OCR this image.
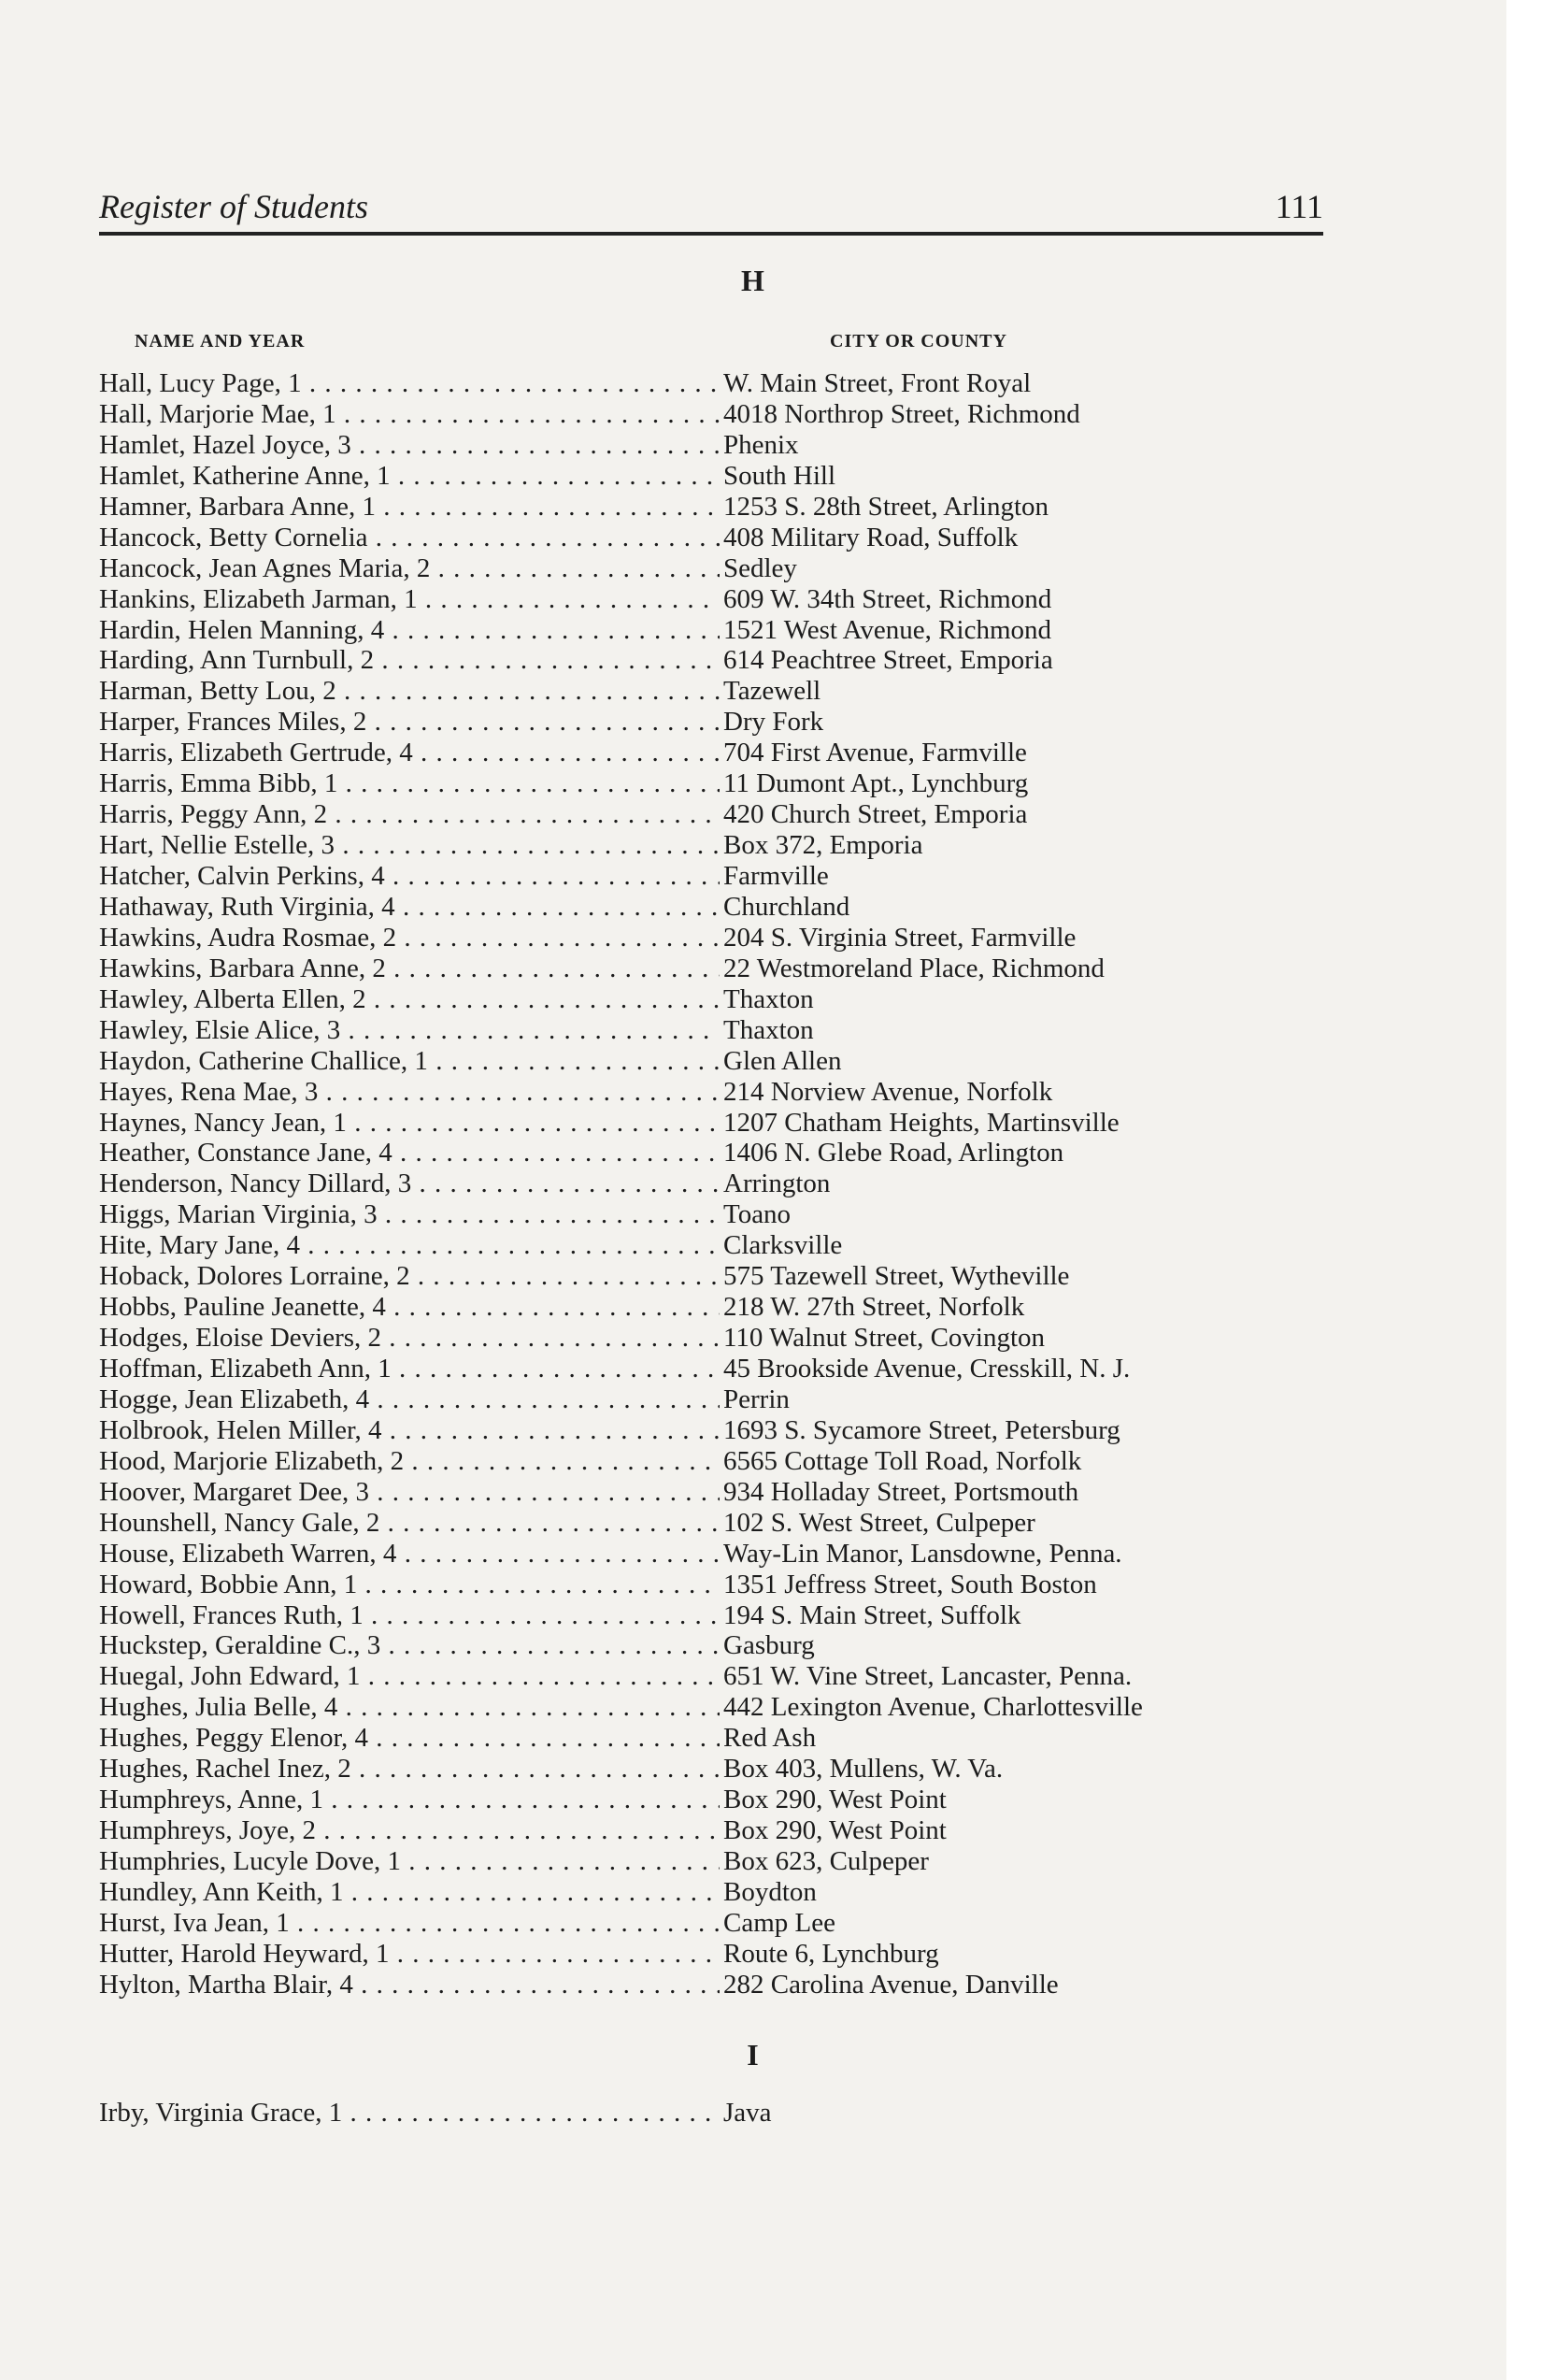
Register of Students	111
H
NAME AND YEAR	CITY OR COUNTY
Hall, Lucy Page, 1 . . .	W. Main Street, Front Royal
Hall, Marjorie Mae, 1 . . .	4018 Northrop Street, Richmond
Hamlet, Hazel Joyce, 3 . . .	Phenix
Hamlet, Katherine Anne, 1 . . .	South Hill
Hamner, Barbara Anne, 1 . . .	1253 S. 28th Street, Arlington
Hancock, Betty Cornelia . . .	408 Military Road, Suffolk
Hancock, Jean Agnes Maria, 2 . . .	Sedley
Hankins, Elizabeth Jarman, 1 . . .	609 W. 34th Street, Richmond
Hardin, Helen Manning, 4 . . .	1521 West Avenue, Richmond
Harding, Ann Turnbull, 2 . . .	614 Peachtree Street, Emporia
Harman, Betty Lou, 2 . . .	Tazewell
Harper, Frances Miles, 2 . . .	Dry Fork
Harris, Elizabeth Gertrude, 4 . . .	704 First Avenue, Farmville
Harris, Emma Bibb, 1 . . .	11 Dumont Apt., Lynchburg
Harris, Peggy Ann, 2 . . .	420 Church Street, Emporia
Hart, Nellie Estelle, 3 . . .	Box 372, Emporia
Hatcher, Calvin Perkins, 4 . . .	Farmville
Hathaway, Ruth Virginia, 4 . . .	Churchland
Hawkins, Audra Rosmae, 2 . . .	204 S. Virginia Street, Farmville
Hawkins, Barbara Anne, 2 . . .	22 Westmoreland Place, Richmond
Hawley, Alberta Ellen, 2 . . .	Thaxton
Hawley, Elsie Alice, 3 . . .	Thaxton
Haydon, Catherine Challice, 1 . . .	Glen Allen
Hayes, Rena Mae, 3 . . .	214 Norview Avenue, Norfolk
Haynes, Nancy Jean, 1 . . .	1207 Chatham Heights, Martinsville
Heather, Constance Jane, 4 . . .	1406 N. Glebe Road, Arlington
Henderson, Nancy Dillard, 3 . . .	Arrington
Higgs, Marian Virginia, 3 . . .	Toano
Hite, Mary Jane, 4 . . .	Clarksville
Hoback, Dolores Lorraine, 2 . . .	575 Tazewell Street, Wytheville
Hobbs, Pauline Jeanette, 4 . . .	218 W. 27th Street, Norfolk
Hodges, Eloise Deviers, 2 . . .	110 Walnut Street, Covington
Hoffman, Elizabeth Ann, 1 . . .	45 Brookside Avenue, Cresskill, N. J.
Hogge, Jean Elizabeth, 4 . . .	Perrin
Holbrook, Helen Miller, 4 . . .	1693 S. Sycamore Street, Petersburg
Hood, Marjorie Elizabeth, 2 . . .	6565 Cottage Toll Road, Norfolk
Hoover, Margaret Dee, 3 . . .	934 Holladay Street, Portsmouth
Hounshell, Nancy Gale, 2 . . .	102 S. West Street, Culpeper
House, Elizabeth Warren, 4 . . .	Way-Lin Manor, Lansdowne, Penna.
Howard, Bobbie Ann, 1 . . .	1351 Jeffress Street, South Boston
Howell, Frances Ruth, 1 . . .	194 S. Main Street, Suffolk
Huckstep, Geraldine C., 3 . . .	Gasburg
Huegal, John Edward, 1 . . .	651 W. Vine Street, Lancaster, Penna.
Hughes, Julia Belle, 4 . . .	442 Lexington Avenue, Charlottesville
Hughes, Peggy Elenor, 4 . . .	Red Ash
Hughes, Rachel Inez, 2 . . .	Box 403, Mullens, W. Va.
Humphreys, Anne, 1 . . .	Box 290, West Point
Humphreys, Joye, 2 . . .	Box 290, West Point
Humphries, Lucyle Dove, 1 . . .	Box 623, Culpeper
Hundley, Ann Keith, 1 . . .	Boydton
Hurst, Iva Jean, 1 . . .	Camp Lee
Hutter, Harold Heyward, 1 . . .	Route 6, Lynchburg
Hylton, Martha Blair, 4 . . .	282 Carolina Avenue, Danville
I
Irby, Virginia Grace, 1 . . .	Java
